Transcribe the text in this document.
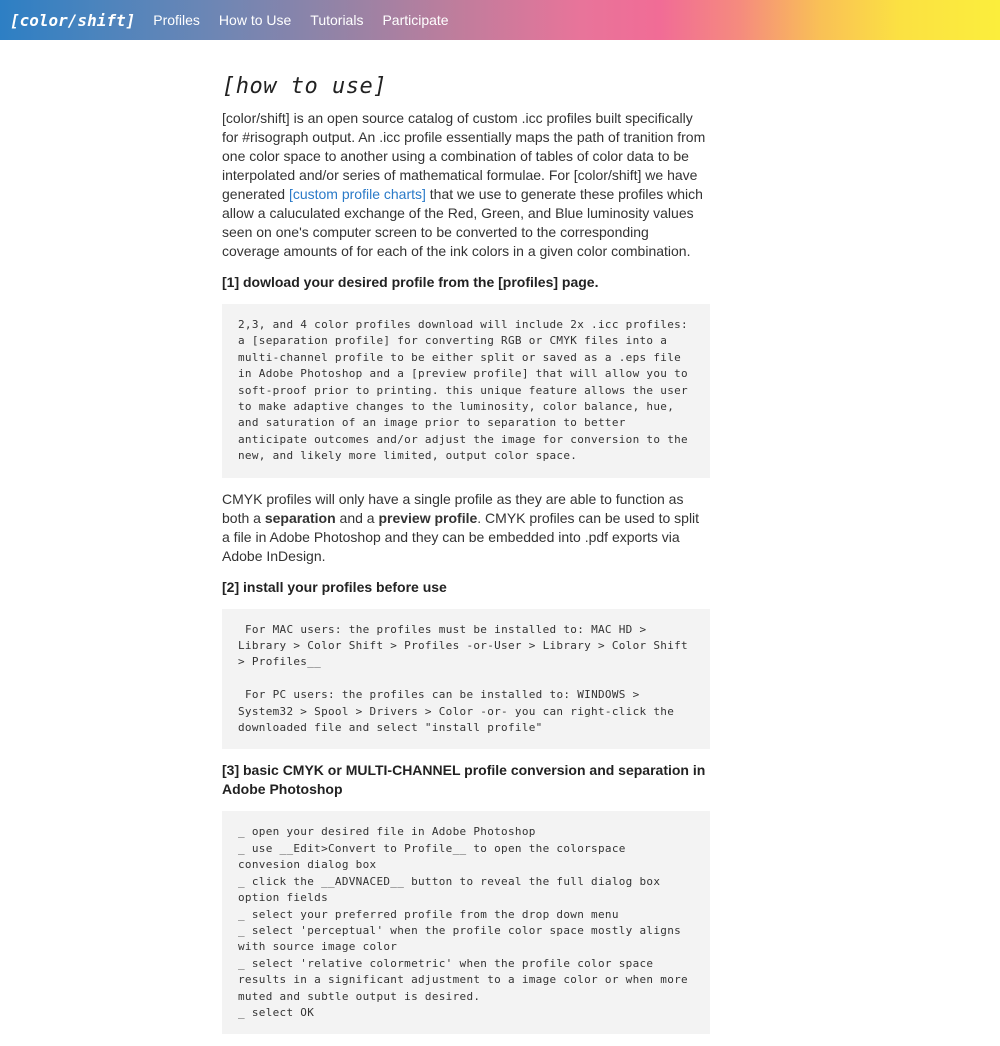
[color/shift] Profiles How to Use Tutorials Participate
[how to use]

[color/shift] is an open source catalog of custom .icc profiles built specifically for #risograph output. An .icc profile essentially maps the path of tranition from one color space to another using a combination of tables of color data to be interpolated and/or series of mathematical formulae. For [color/shift] we have generated [custom profile charts] that we use to generate these profiles which allow a caluculated exchange of the Red, Green, and Blue luminosity values seen on one's computer screen to be converted to the corresponding coverage amounts of for each of the ink colors in a given color combination.

[1] dowload your desired profile from the [profiles] page.
2,3, and 4 color profiles download will include 2x .icc profiles: a [separation profile] for converting RGB or CMYK files into a multi-channel profile to be either split or saved as a .eps file in Adobe Photoshop and a [preview profile] that will allow you to soft-proof prior to printing. this unique feature allows the user to make adaptive changes to the luminosity, color balance, hue, and saturation of an image prior to separation to better anticipate outcomes and/or adjust the image for conversion to the new, and likely more limited, output color space.

CMYK profiles will only have a single profile as they are able to function as both a separation and a preview profile. CMYK profiles can be used to split a file in Adobe Photoshop and they can be embedded into .pdf exports via Adobe InDesign.

[2] install your profiles before use
For MAC users: the profiles must be installed to: MAC HD > Library > Color Shift > Profiles -or-User > Library > Color Shift > Profiles__
For PC users: the profiles can be installed to: WINDOWS > System32 > Spool > Drivers > Color -or- you can right-click the downloaded file and select "install profile"
[3] basic CMYK or MULTI-CHANNEL profile conversion and separation in Adobe Photoshop
_ open your desired file in Adobe Photoshop
_ use __Edit>Convert to Profile__ to open the colorspace convesion dialog box
_ click the __ADVNACED__ button to reveal the full dialog box option fields
_ select your preferred profile from the drop down menu
_ select 'perceptual' when the profile color space mostly aligns with source image color
_ select 'relative colormetric' when the profile color space results in a significant adjustment to a image color or when more muted and subtle output is desired.
_ select OK
